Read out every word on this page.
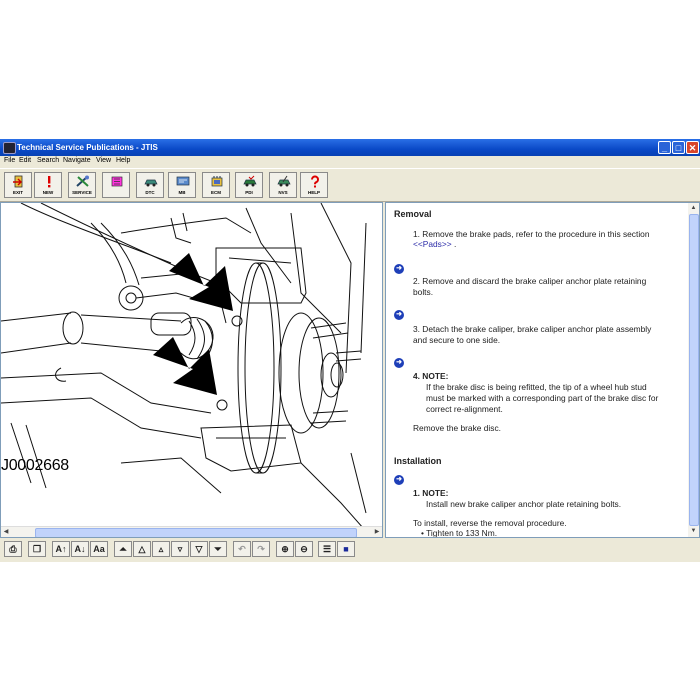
Technical Service Publications - JTIS	_ □ ✕
File Edit Search Navigate View Help
EXIT	NEW	SERVICE	DTC	MB	ECM	PDI	NVS	HELP
J0002668
◀	▶
Removal
1. Remove the brake pads, refer to the procedure in this section
<<Pads>> .
➜
2. Remove and discard the brake caliper anchor plate retaining
bolts.
➜
3. Detach the brake caliper, brake caliper anchor plate assembly
and secure to one side.
➜
4. NOTE:
If the brake disc is being refitted, the tip of a wheel hub stud
must be marked with a corresponding part of the brake disc for
correct re-alignment.
Remove the brake disc.
Installation
➜
1. NOTE:
Install new brake caliper anchor plate retaining bolts.
To install, reverse the removal procedure.
• Tighten to 133 Nm.
▲
▼
⎙	❐	A↑ A↓ Aa	⏶	△	▵	▿	▽	⏷	↶	↷	⊕	⊖	☰	■
